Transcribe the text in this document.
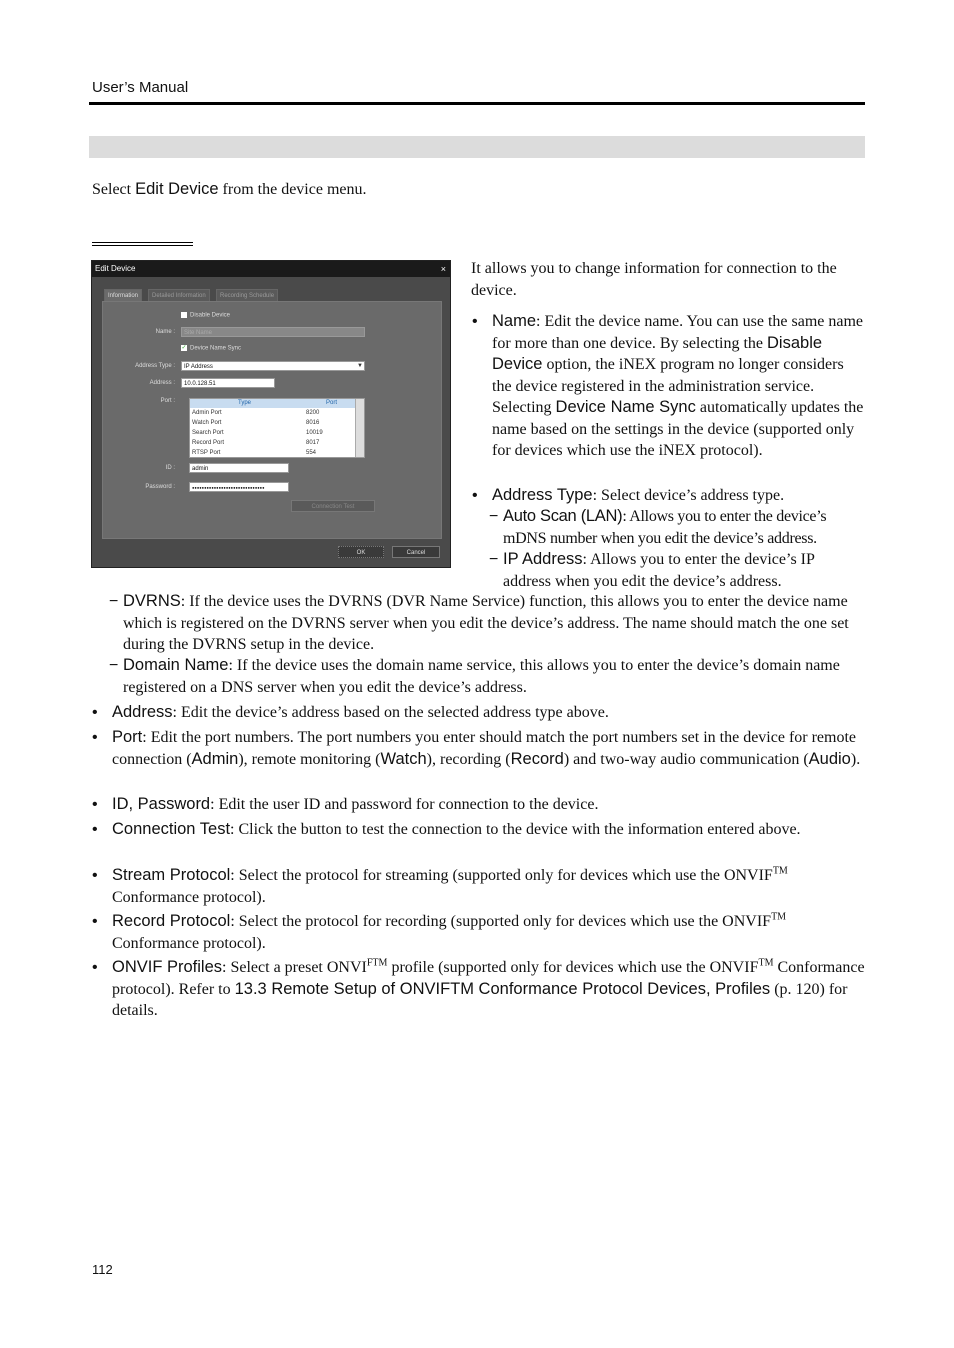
User’s Manual
Select Edit Device from the device menu.
Edit Device	×
Information	Detailed Information	Recording Schedule
Disable Device
Name :	Site Name
✓ Device Name Sync
Address Type :	IP Address	▼
Address :	10.0.128.51
Port :	Type	Port
Admin Port	8200
Watch Port	8016
Search Port	10019
Record Port	8017
RTSP Port	554
ID :	admin
Password :	●●●●●●●●●●●●●●●●●●●●●●●●●●●●●●
Connection Test
OK	Cancel
It allows you to change information for connection to the device.
• Name: Edit the device name. You can use the same name for more than one device. By selecting the Disable Device option, the iNEX program no longer considers the device registered in the administration service. Selecting Device Name Sync automatically updates the name based on the settings in the device (supported only for devices which use the iNEX protocol).
• Address Type: Select device’s address type.
− Auto Scan (LAN): Allows you to enter the device’s mDNS number when you edit the device’s address.
− IP Address: Allows you to enter the device’s IP address when you edit the device’s address.
− DVRNS: If the device uses the DVRNS (DVR Name Service) function, this allows you to enter the device name which is registered on the DVRNS server when you edit the device’s address. The name should match the one set during the DVRNS setup in the device.
− Domain Name: If the device uses the domain name service, this allows you to enter the device’s domain name registered on a DNS server when you edit the device’s address.
• Address: Edit the device’s address based on the selected address type above.
• Port: Edit the port numbers. The port numbers you enter should match the port numbers set in the device for remote connection (Admin), remote monitoring (Watch), recording (Record) and two-way audio communication (Audio).
• ID, Password: Edit the user ID and password for connection to the device.
• Connection Test: Click the button to test the connection to the device with the information entered above.
• Stream Protocol: Select the protocol for streaming (supported only for devices which use the ONVIF™ Conformance protocol).
• Record Protocol: Select the protocol for recording (supported only for devices which use the ONVIF™ Conformance protocol).
• ONVIF Profiles: Select a preset $ONVI^{FTM}$ profile (supported only for devices which use the ONVIF™ Conformance protocol). Refer to 13.3 Remote Setup of ONVIFTM Conformance Protocol Devices, Profiles (p. 120) for details.
112
